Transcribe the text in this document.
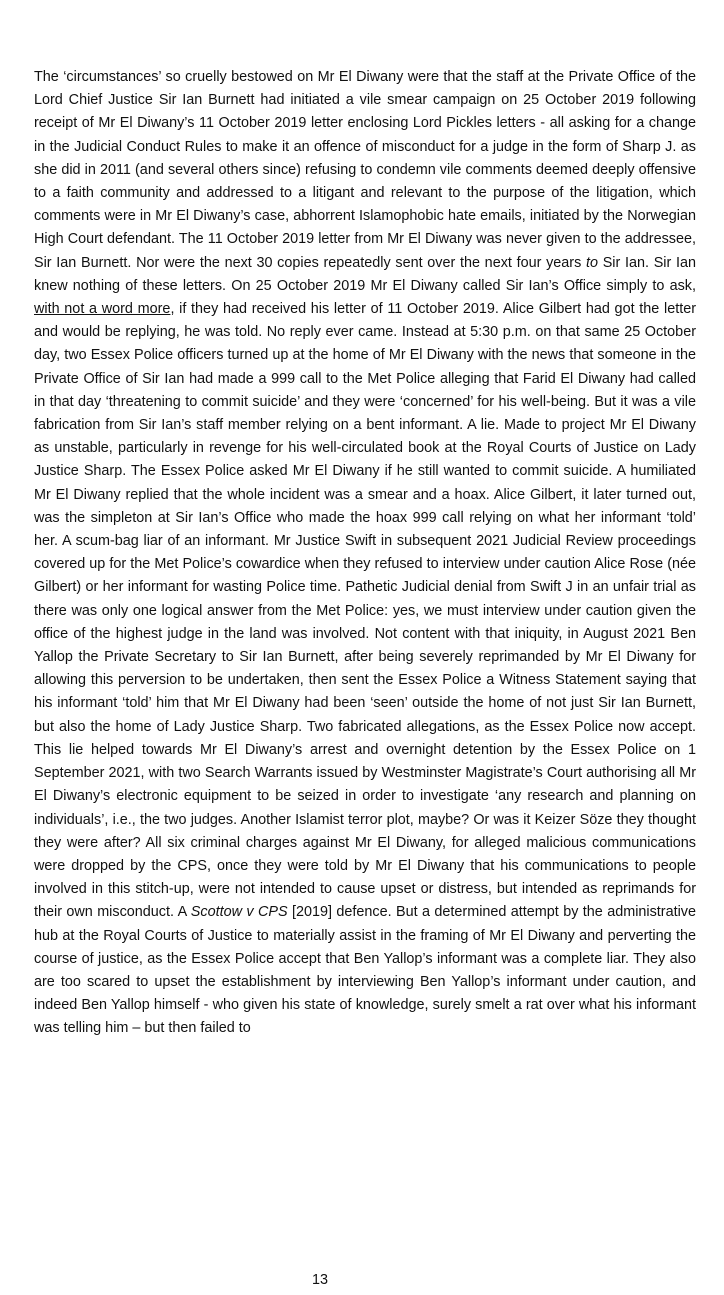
The ‘circumstances’ so cruelly bestowed on Mr El Diwany were that the staff at the Private Office of the Lord Chief Justice Sir Ian Burnett had initiated a vile smear campaign on 25 October 2019 following receipt of Mr El Diwany’s 11 October 2019 letter enclosing Lord Pickles letters - all asking for a change in the Judicial Conduct Rules to make it an offence of misconduct for a judge in the form of Sharp J. as she did in 2011 (and several others since) refusing to condemn vile comments deemed deeply offensive to a faith community and addressed to a litigant and relevant to the purpose of the litigation, which comments were in Mr El Diwany’s case, abhorrent Islamophobic hate emails, initiated by the Norwegian High Court defendant. The 11 October 2019 letter from Mr El Diwany was never given to the addressee, Sir Ian Burnett. Nor were the next 30 copies repeatedly sent over the next four years to Sir Ian. Sir Ian knew nothing of these letters. On 25 October 2019 Mr El Diwany called Sir Ian’s Office simply to ask, with not a word more, if they had received his letter of 11 October 2019. Alice Gilbert had got the letter and would be replying, he was told. No reply ever came. Instead at 5:30 p.m. on that same 25 October day, two Essex Police officers turned up at the home of Mr El Diwany with the news that someone in the Private Office of Sir Ian had made a 999 call to the Met Police alleging that Farid El Diwany had called in that day ‘threatening to commit suicide’ and they were ‘concerned’ for his well-being. But it was a vile fabrication from Sir Ian’s staff member relying on a bent informant. A lie. Made to project Mr El Diwany as unstable, particularly in revenge for his well-circulated book at the Royal Courts of Justice on Lady Justice Sharp. The Essex Police asked Mr El Diwany if he still wanted to commit suicide. A humiliated Mr El Diwany replied that the whole incident was a smear and a hoax. Alice Gilbert, it later turned out, was the simpleton at Sir Ian’s Office who made the hoax 999 call relying on what her informant ‘told’ her. A scum-bag liar of an informant. Mr Justice Swift in subsequent 2021 Judicial Review proceedings covered up for the Met Police’s cowardice when they refused to interview under caution Alice Rose (née Gilbert) or her informant for wasting Police time. Pathetic Judicial denial from Swift J in an unfair trial as there was only one logical answer from the Met Police: yes, we must interview under caution given the office of the highest judge in the land was involved. Not content with that iniquity, in August 2021 Ben Yallop the Private Secretary to Sir Ian Burnett, after being severely reprimanded by Mr El Diwany for allowing this perversion to be undertaken, then sent the Essex Police a Witness Statement saying that his informant ‘told’ him that Mr El Diwany had been ‘seen’ outside the home of not just Sir Ian Burnett, but also the home of Lady Justice Sharp. Two fabricated allegations, as the Essex Police now accept. This lie helped towards Mr El Diwany’s arrest and overnight detention by the Essex Police on 1 September 2021, with two Search Warrants issued by Westminster Magistrate’s Court authorising all Mr El Diwany’s electronic equipment to be seized in order to investigate ‘any research and planning on individuals’, i.e., the two judges. Another Islamist terror plot, maybe? Or was it Keizer Söze they thought they were after? All six criminal charges against Mr El Diwany, for alleged malicious communications were dropped by the CPS, once they were told by Mr El Diwany that his communications to people involved in this stitch-up, were not intended to cause upset or distress, but intended as reprimands for their own misconduct. A Scottow v CPS [2019] defence. But a determined attempt by the administrative hub at the Royal Courts of Justice to materially assist in the framing of Mr El Diwany and perverting the course of justice, as the Essex Police accept that Ben Yallop’s informant was a complete liar. They also are too scared to upset the establishment by interviewing Ben Yallop’s informant under caution, and indeed Ben Yallop himself - who given his state of knowledge, surely smelt a rat over what his informant was telling him – but then failed to

13
